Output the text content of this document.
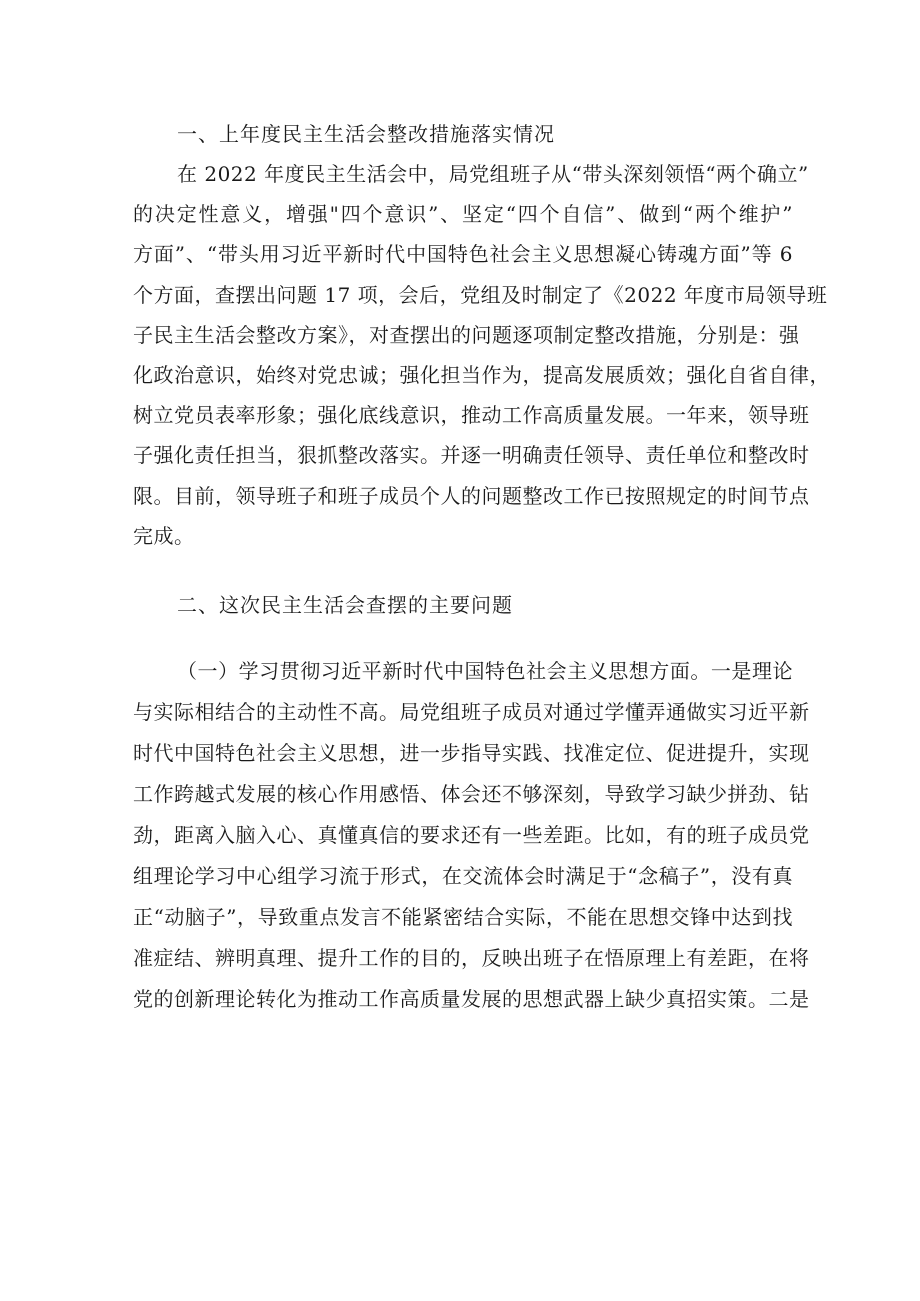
一、上年度民主生活会整改措施落实情况
在 2022 年度民主生活会中，局党组班子从“带头深刻领悟“两个确立”
的决定性意义，增强"四个意识”、坚定“四个自信”、做到“两个维护”
方面”、“带头用习近平新时代中国特色社会主义思想凝心铸魂方面”等 6
个方面，查摆出问题 17 项，会后，党组及时制定了《2022 年度市局领导班
子民主生活会整改方案》，对查摆出的问题逐项制定整改措施，分别是：强
化政治意识，始终对党忠诚；强化担当作为，提高发展质效；强化自省自律，
树立党员表率形象；强化底线意识，推动工作高质量发展。一年来，领导班
子强化责任担当，狠抓整改落实。并逐一明确责任领导、责任单位和整改时
限。目前，领导班子和班子成员个人的问题整改工作已按照规定的时间节点
完成。
二、这次民主生活会查摆的主要问题
（一）学习贯彻习近平新时代中国特色社会主义思想方面。一是理论
与实际相结合的主动性不高。局党组班子成员对通过学懂弄通做实习近平新
时代中国特色社会主义思想，进一步指导实践、找准定位、促进提升，实现
工作跨越式发展的核心作用感悟、体会还不够深刻，导致学习缺少拼劲、钻
劲，距离入脑入心、真懂真信的要求还有一些差距。比如，有的班子成员党
组理论学习中心组学习流于形式，在交流体会时满足于“念稿子”，没有真
正“动脑子”，导致重点发言不能紧密结合实际，不能在思想交锋中达到找
准症结、辨明真理、提升工作的目的，反映出班子在悟原理上有差距，在将
党的创新理论转化为推动工作高质量发展的思想武器上缺少真招实策。二是
